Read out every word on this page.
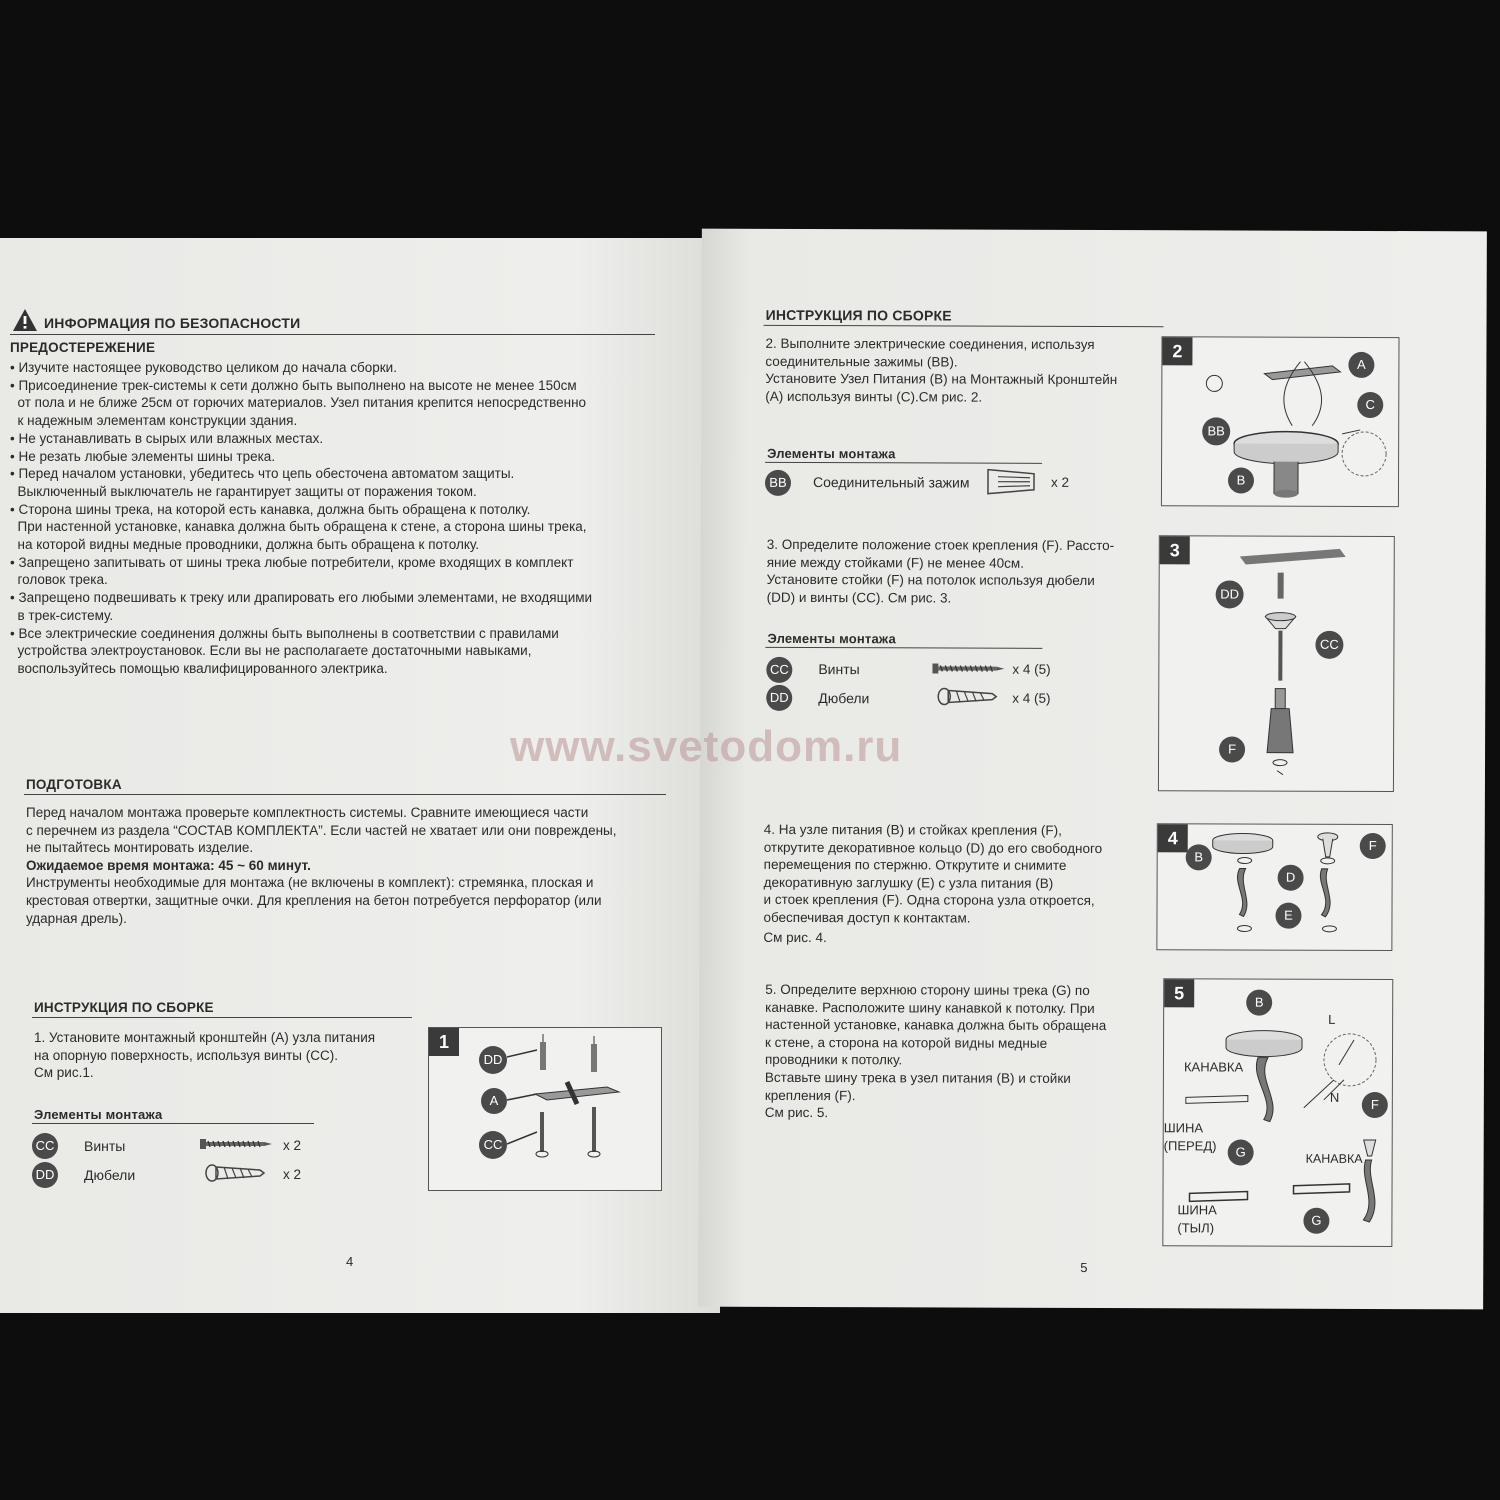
ИНФОРМАЦИЯ ПО БЕЗОПАСНОСТИ
ПРЕДОСТЕРЕЖЕНИЕ
• Изучите настоящее руководство целиком до начала сборки.
• Присоединение трек-системы к сети должно быть выполнено на высоте не менее 150см
от пола и не ближе 25см от горючих материалов. Узел питания крепится непосредственно
к надежным элементам конструкции здания.
• Не устанавливать в сырых или влажных местах.
• Не резать любые элементы шины трека.
• Перед началом установки, убедитесь что цепь обесточена автоматом защиты.
Выключенный выключатель не гарантирует защиты от поражения током.
• Сторона шины трека, на которой есть канавка, должна быть обращена к потолку.
При настенной установке, канавка должна быть обращена к стене, а сторона шины трека,
на которой видны медные проводники, должна быть обращена к потолку.
• Запрещено запитывать от шины трека любые потребители, кроме входящих в комплект
головок трека.
• Запрещено подвешивать к треку или драпировать его любыми элементами, не входящими
в трек-систему.
• Все электрические соединения должны быть выполнены в соответствии с правилами
устройства электроустановок. Если вы не располагаете достаточными навыками,
воспользуйтесь помощью квалифицированного электрика.
ПОДГОТОВКА
Перед началом монтажа проверьте комплектность системы. Сравните имеющиеся части
с перечнем из раздела “СОСТАВ КОМПЛЕКТА”. Если частей не хватает или они повреждены,
не пытайтесь монтировать изделие.
Ожидаемое время монтажа: 45 ~ 60 минут.
Инструменты необходимые для монтажа (не включены в комплект): стремянка, плоская и
крестовая отвертки, защитные очки. Для крепления на бетон потребуется перфоратор (или
ударная дрель).
ИНСТРУКЦИЯ ПО СБОРКЕ
1. Установите монтажный кронштейн (А) узла питания
на опорную поверхность, используя винты (СС).
См рис.1.
Элементы монтажа
CC Винты	x 2
DD Дюбели	x 2
1
DD
A
CC
4
ИНСТРУКЦИЯ ПО СБОРКЕ
2. Выполните электрические соединения, используя
соединительные зажимы (ВВ).
Установите Узел Питания (В) на Монтажный Кронштейн
(А) используя винты (С).См рис. 2.
Элементы монтажа
BB	Соединительный зажим	x 2
2
A
C
BB
B
3. Определите положение стоек крепления (F). Рассто-
яние между стойками (F) не менее 40см.
Установите стойки (F) на потолок используя дюбели
(DD) и винты (CC). См рис. 3.
Элементы монтажа
CC Винты	x 4 (5)
DD Дюбели	x 4 (5)
3
DD
CC
F
4. На узле питания (В) и стойках крепления (F),
открутите декоративное кольцо (D) до его свободного
перемещения по стержню. Открутите и снимите
декоративную заглушку (Е) с узла питания (В)
и стоек крепления (F). Одна сторона узла откроется,
обеспечивая доступ к контактам.
См рис. 4.
4
B
D
F
E
5. Определите верхнюю сторону шины трека (G) по
канавке. Расположите шину канавкой к потолку. При
настенной установке, канавка должна быть обращена
к стене, а сторона на которой видны медные
проводники к потолку.
Вставьте шину трека в узел питания (В) и стойки
крепления (F).
См рис. 5.
5	B
L
N	F
G
G
КАНАВКА
КАНАВКА
ШИНА
(ПЕРЕД)
ШИНА
(ТЫЛ)
5
www.svetodom.ru
